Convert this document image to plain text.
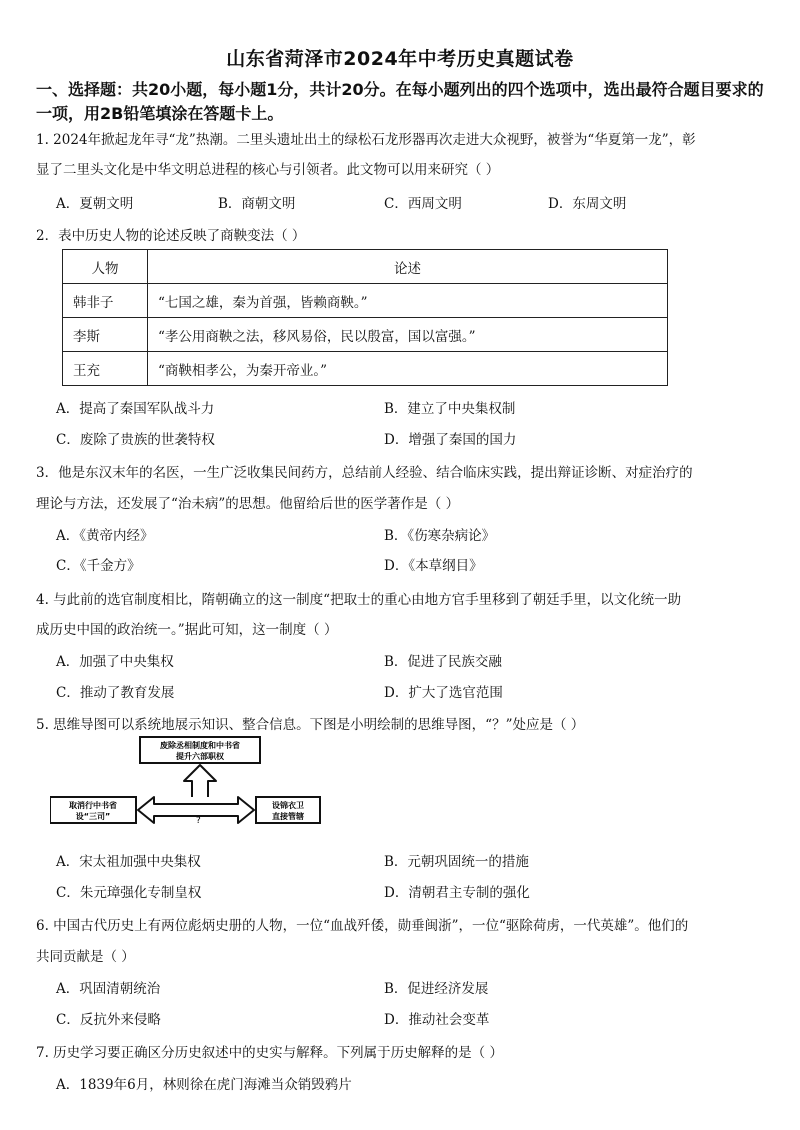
山东省菏泽市2024年中考历史真题试卷
一、选择题：共20小题，每小题1分，共计20分。在每小题列出的四个选项中，选出最符合题目要求的一项，用2B铅笔填涂在答题卡上。
1. 2024年掀起龙年寻“龙”热潮。二里头遗址出土的绿松石龙形器再次走进大众视野，被誉为“华夏第一龙”，彰
显了二里头文化是中华文明总进程的核心与引领者。此文物可以用来研究（ ）
A．夏朝文明	B．商朝文明	C．西周文明	D．东周文明
2．表中历史人物的论述反映了商鞅变法（ ）
人物	论述
韩非子	“七国之雄，秦为首强，皆赖商鞅。”
李斯	“孝公用商鞅之法，移风易俗，民以殷富，国以富强。”
王充	“商鞅相孝公，为秦开帝业。”
A．提高了秦国军队战斗力	B．建立了中央集权制
C．废除了贵族的世袭特权	D．增强了秦国的国力
3．他是东汉末年的名医，一生广泛收集民间药方，总结前人经验、结合临床实践，提出辩证诊断、对症治疗的
理论与方法，还发展了“治未病”的思想。他留给后世的医学著作是（ ）
A．《黄帝内经》	B．《伤寒杂病论》
C．《千金方》	D．《本草纲目》
4. 与此前的选官制度相比，隋朝确立的这一制度“把取士的重心由地方官手里移到了朝廷手里，以文化统一助
成历史中国的政治统一。”据此可知，这一制度（ ）
A．加强了中央集权	B．促进了民族交融
C．推动了教育发展	D．扩大了选官范围
5. 思维导图可以系统地展示知识、整合信息。下图是小明绘制的思维导图，“？”处应是（ ）
废除丞相制度和中书省
提升六部职权
取消行中书省
设“三司”
设锦衣卫
直接管辖
?
A．宋太祖加强中央集权	B．元朝巩固统一的措施
C．朱元璋强化专制皇权	D．清朝君主专制的强化
6. 中国古代历史上有两位彪炳史册的人物，一位“血战歼倭，勋垂闽浙”，一位“驱除荷虏，一代英雄”。他们的
共同贡献是（ ）
A．巩固清朝统治	B．促进经济发展
C．反抗外来侵略	D．推动社会变革
7. 历史学习要正确区分历史叙述中的史实与解释。下列属于历史解释的是（ ）
A．1839年6月，林则徐在虎门海滩当众销毁鸦片
